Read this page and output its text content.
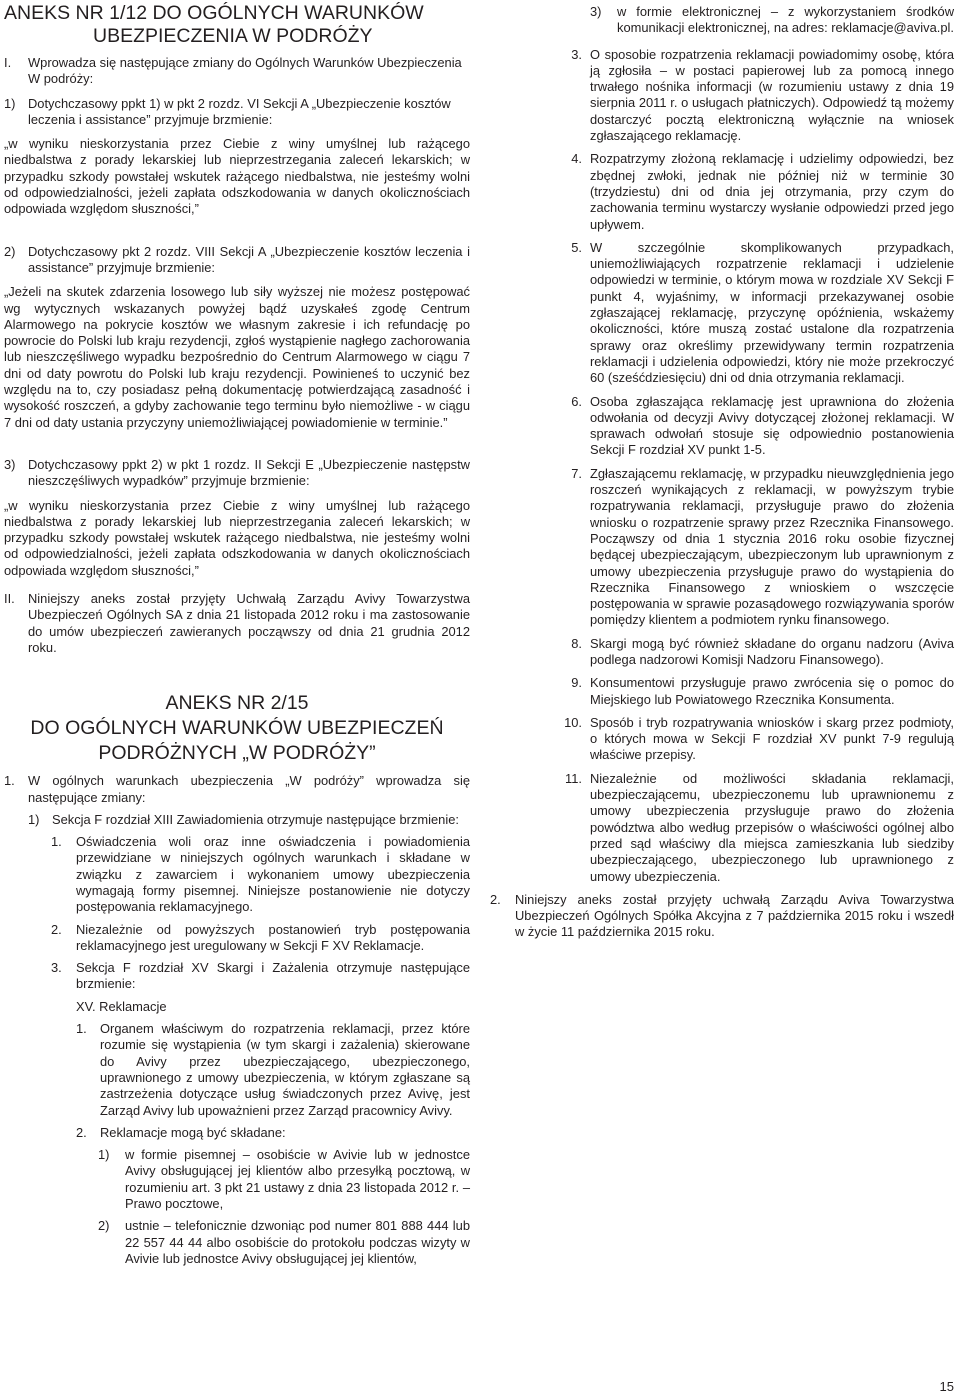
ANEKS NR 1/12 DO OGÓLNYCH WARUNKÓW
UBEZPIECZENIA W PODRÓŻY
I.	Wprowadza się następujące zmiany do Ogólnych Warunków Ubezpieczenia W podróży:
1) Dotychczasowy ppkt 1) w pkt 2 rozdz. VI Sekcji A „Ubezpieczenie kosztów leczenia i assistance” przyjmuje brzmienie:

„w wyniku nieskorzystania przez Ciebie z winy umyślnej lub rażącego niedbalstwa z porady lekarskiej lub nieprzestrzegania zaleceń lekarskich; w przypadku szkody powstałej wskutek rażącego niedbalstwa, nie jesteśmy wolni od odpowiedzialności, jeżeli zapłata odszkodowania w danych okolicznościach odpowiada względom słuszności,”

2) Dotychczasowy pkt 2 rozdz. VIII Sekcji A „Ubezpieczenie kosztów leczenia i assistance” przyjmuje brzmienie:

„Jeżeli na skutek zdarzenia losowego lub siły wyższej nie możesz postępować wg wytycznych wskazanych powyżej bądź uzyskałeś zgodę Centrum Alarmowego na pokrycie kosztów we własnym zakresie i ich refundację po powrocie do Polski lub kraju rezydencji, zgłoś wystąpienie nagłego zachorowania lub nieszczęśliwego wypadku bezpośrednio do Centrum Alarmowego w ciągu 7 dni od daty powrotu do Polski lub kraju rezydencji. Powinieneś to uczynić bez względu na to, czy posiadasz pełną dokumentację potwierdzającą zasadność i wysokość roszczeń, a gdyby zachowanie tego terminu było niemożliwe - w ciągu 7 dni od daty ustania przyczyny uniemożliwiającej powiadomienie w terminie.”

3) Dotychczasowy ppkt 2) w pkt 1 rozdz. II Sekcji E „Ubezpieczenie następstw nieszczęśliwych wypadków” przyjmuje brzmienie:

„w wyniku nieskorzystania przez Ciebie z winy umyślnej lub rażącego niedbalstwa z porady lekarskiej lub nieprzestrzegania zaleceń lekarskich; w przypadku szkody powstałej wskutek rażącego niedbalstwa, nie jesteśmy wolni od odpowiedzialności, jeżeli zapłata odszkodowania w danych okolicznościach odpowiada względom słuszności,”

II.	Niniejszy aneks został przyjęty Uchwałą Zarządu Avivy Towarzystwa Ubezpieczeń Ogólnych SA z dnia 21 listopada 2012 roku i ma zastosowanie do umów ubezpieczeń zawieranych począwszy od dnia 21 grudnia 2012 roku.
ANEKS NR 2/15
DO OGÓLNYCH WARUNKÓW UBEZPIECZEŃ
PODRÓŻNYCH „W PODRÓŻY”
1.	W ogólnych warunkach ubezpieczenia „W podróży” wprowadza się następujące zmiany:
1) Sekcja F rozdział XIII Zawiadomienia otrzymuje następujące brzmienie:
1.	Oświadczenia woli oraz inne oświadczenia i powiadomienia przewidziane w niniejszych ogólnych warunkach i składane w związku z zawarciem i wykonaniem umowy ubezpieczenia wymagają formy pisemnej. Niniejsze postanowienie nie dotyczy postępowania reklamacyjnego.
2.	Niezależnie od powyższych postanowień tryb postępowania reklamacyjnego jest uregulowany w Sekcji F XV Reklamacje.
3.	Sekcja F rozdział XV Skargi i Zażalenia otrzymuje następujące brzmienie:

XV. Reklamacje

1.	Organem właściwym do rozpatrzenia reklamacji, przez które rozumie się wystąpienia (w tym skargi i zażalenia) skierowane do Avivy przez ubezpieczającego, ubezpieczonego, uprawnionego z umowy ubezpieczenia, w którym zgłaszane są zastrzeżenia dotyczące usług świadczonych przez Avivę, jest Zarząd Avivy lub upoważnieni przez Zarząd pracownicy Avivy.
2.	Reklamacje mogą być składane:
1)	w formie pisemnej – osobiście w Avivie lub w jednostce Avivy obsługującej jej klientów albo przesyłką pocztową, w rozumieniu art. 3 pkt 21 ustawy z dnia 23 listopada 2012 r. – Prawo pocztowe,
2)	ustnie – telefonicznie dzwoniąc pod numer 801 888 444 lub 22 557 44 44 albo osobiście do protokołu podczas wizyty w Avivie lub jednostce Avivy obsługującej jej klientów,
3)	w formie elektronicznej – z wykorzystaniem środków komunikacji elektronicznej, na adres: reklamacje@aviva.pl.
3. O sposobie rozpatrzenia reklamacji powiadomimy osobę, która ją zgłosiła – w postaci papierowej lub za pomocą innego trwałego nośnika informacji (w rozumieniu ustawy z dnia 19 sierpnia 2011 r. o usługach płatniczych). Odpowiedź tą możemy dostarczyć pocztą elektroniczną wyłącznie na wniosek zgłaszającego reklamację.
4. Rozpatrzymy złożoną reklamację i udzielimy odpowiedzi, bez zbędnej zwłoki, jednak nie później niż w terminie 30 (trzydziestu) dni od dnia jej otrzymania, przy czym do zachowania terminu wystarczy wysłanie odpowiedzi przed jego upływem.
5. W szczególnie skomplikowanych przypadkach, uniemożliwiających rozpatrzenie reklamacji i udzielenie odpowiedzi w terminie, o którym mowa w rozdziale XV Sekcji F punkt 4, wyjaśnimy, w informacji przekazywanej osobie zgłaszającej reklamację, przyczynę opóźnienia, wskażemy okoliczności, które muszą zostać ustalone dla rozpatrzenia sprawy oraz określimy przewidywany termin rozpatrzenia reklamacji i udzielenia odpowiedzi, który nie może przekroczyć 60 (sześćdziesięciu) dni od dnia otrzymania reklamacji.
6. Osoba zgłaszająca reklamację jest uprawniona do złożenia odwołania od decyzji Avivy dotyczącej złożonej reklamacji. W sprawach odwołań stosuje się odpowiednio postanowienia Sekcji F rozdział XV punkt 1-5.
7. Zgłaszającemu reklamację, w przypadku nieuwzględnienia jego roszczeń wynikających z reklamacji, w powyższym trybie rozpatrywania reklamacji, przysługuje prawo do złożenia wniosku o rozpatrzenie sprawy przez Rzecznika Finansowego. Począwszy od dnia 1 stycznia 2016 roku osobie fizycznej będącej ubezpieczającym, ubezpieczonym lub uprawnionym z umowy ubezpieczenia przysługuje prawo do wystąpienia do Rzecznika Finansowego z wnioskiem o wszczęcie postępowania w sprawie pozasądowego rozwiązywania sporów pomiędzy klientem a podmiotem rynku finansowego.
8. Skargi mogą być również składane do organu nadzoru (Aviva podlega nadzorowi Komisji Nadzoru Finansowego).
9. Konsumentowi przysługuje prawo zwrócenia się o pomoc do Miejskiego lub Powiatowego Rzecznika Konsumenta.
10. Sposób i tryb rozpatrywania wniosków i skarg przez podmioty, o których mowa w Sekcji F rozdział XV punkt 7-9 regulują właściwe przepisy.
11. Niezależnie od możliwości składania reklamacji, ubezpieczającemu, ubezpieczonemu lub uprawnionemu z umowy ubezpieczenia przysługuje prawo do złożenia powództwa albo według przepisów o właściwości ogólnej albo przed sąd właściwy dla miejsca zamieszkania lub siedziby ubezpieczającego, ubezpieczonego lub uprawnionego z umowy ubezpieczenia.
2.	Niniejszy aneks został przyjęty uchwałą Zarządu Aviva Towarzystwa Ubezpieczeń Ogólnych Spółka Akcyjna z 7 października 2015 roku i wszedł w życie 11 października 2015 roku.
15
